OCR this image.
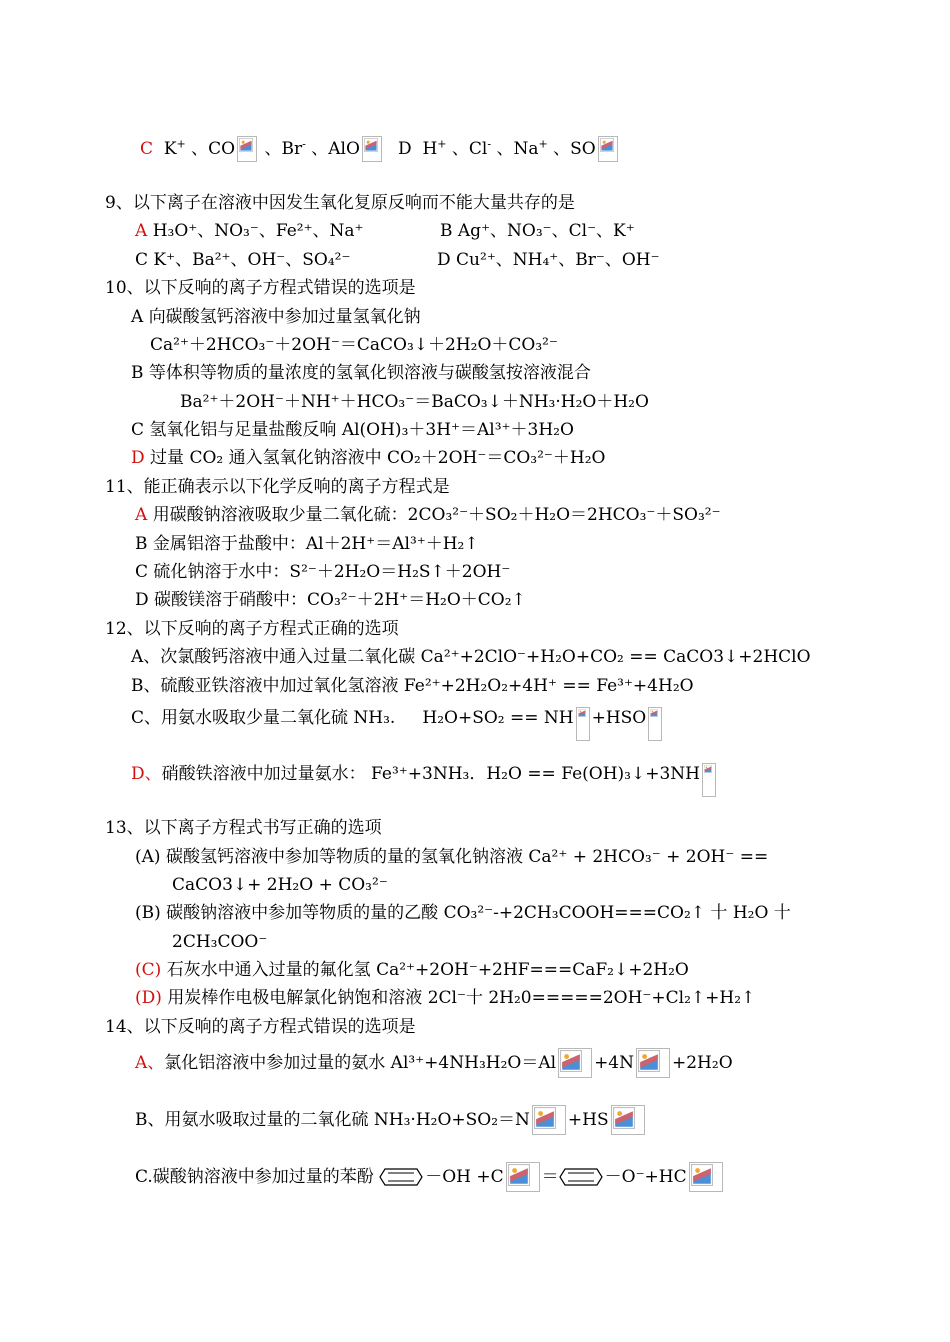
C K+ 、CO 、Br- 、AlO	D H+ 、Cl- 、Na+ 、SO
9、以下离子在溶液中因发生氧化复原反响而不能大量共存的是
A H₃O⁺、NO₃⁻、Fe²⁺、Na⁺	B Ag⁺、NO₃⁻、Cl⁻、K⁺
C K⁺、Ba²⁺、OH⁻、SO₄²⁻	D Cu²⁺、NH₄⁺、Br⁻、OH⁻
10、以下反响的离子方程式错误的选项是
A 向碳酸氢钙溶液中参加过量氢氧化钠
Ca²⁺＋2HCO₃⁻＋2OH⁻＝CaCO₃↓＋2H₂O＋CO₃²⁻
B 等体积等物质的量浓度的氢氧化钡溶液与碳酸氢按溶液混合
Ba²⁺＋2OH⁻＋NH⁺＋HCO₃⁻＝BaCO₃↓＋NH₃·H₂O＋H₂O
C 氢氧化铝与足量盐酸反响 Al(OH)₃＋3H⁺＝Al³⁺＋3H₂O
D 过量 CO₂ 通入氢氧化钠溶液中 CO₂＋2OH⁻＝CO₃²⁻＋H₂O
11、能正确表示以下化学反响的离子方程式是
A 用碳酸钠溶液吸取少量二氧化硫：2CO₃²⁻＋SO₂＋H₂O＝2HCO₃⁻＋SO₃²⁻
B 金属铝溶于盐酸中：Al＋2H⁺＝Al³⁺＋H₂↑
C 硫化钠溶于水中：S²⁻＋2H₂O＝H₂S↑＋2OH⁻
D 碳酸镁溶于硝酸中：CO₃²⁻＋2H⁺＝H₂O＋CO₂↑
12、以下反响的离子方程式正确的选项
A、次氯酸钙溶液中通入过量二氧化碳 Ca²⁺+2ClO⁻+H₂O+CO₂ == CaCO3↓+2HClO
B、硫酸亚铁溶液中加过氧化氢溶液 Fe²⁺+2H₂O₂+4H⁺ == Fe³⁺+4H₂O
C、用氨水吸取少量二氧化硫 NH₃. H₂O+SO₂ == NH +HSO
D、硝酸铁溶液中加过量氨水： Fe³⁺+3NH₃．H₂O == Fe(OH)₃↓+3NH
13、以下离子方程式书写正确的选项
(A) 碳酸氢钙溶液中参加等物质的量的氢氧化钠溶液 Ca²⁺ + 2HCO₃⁻ + 2OH⁻ ==
CaCO3↓+ 2H₂O + CO₃²⁻
(B) 碳酸钠溶液中参加等物质的量的乙酸 CO₃²⁻-+2CH₃COOH===CO₂↑ 十 H₂O 十
2CH₃COO⁻
(C) 石灰水中通入过量的氟化氢 Ca²⁺+2OH⁻+2HF===CaF₂↓+2H₂O
(D) 用炭棒作电极电解氯化钠饱和溶液 2Cl⁻十 2H₂0=====2OH⁻+Cl₂↑+H₂↑
14、以下反响的离子方程式错误的选项是
A、氯化铝溶液中参加过量的氨水 Al³⁺+4NH₃H₂O＝Al +4N +2H₂O
B、用氨水吸取过量的二氧化硫 NH₃·H₂O+SO₂＝N +HS
C.碳酸钠溶液中参加过量的苯酚	－OH +C ＝	－O⁻+HC
